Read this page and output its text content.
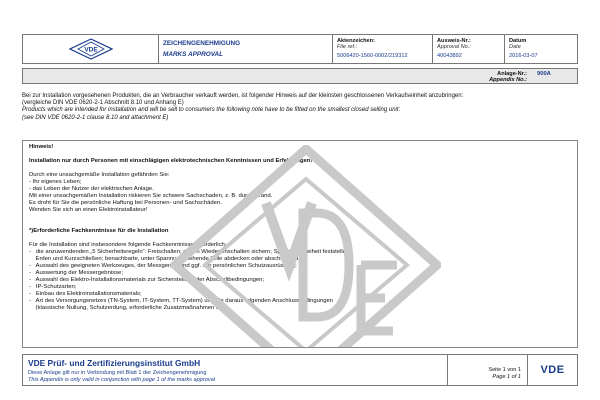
VDE
ZEICHENGENEHMIGUNG
MARKS APPROVAL
Aktenzeichen:
File ref.:
5006420-1560-0002/219312
Ausweis-Nr.:
Approval No.:
40043892
Datum
Date
2016-03-07
Anlage-Nr.:
Appendix No.:
900A
Bei zur Installation vorgesehenen Produkten, die an Verbraucher verkauft werden, ist folgender Hinweis auf der kleinsten geschlossenen Verkaufseinheit anzubringen:
(vergleiche DIN VDE 0620-2-1 Abschnitt 8.10 und Anhang E)
Products which are intended for installation and will be sell to consumers the following note have to be fitted on the smallest closed selling unit:
(see DIN VDE 0620-2-1 clause 8.10 and attachment E)
Hinweis!
Installation nur durch Personen mit einschlägigen elektrotechnischen Kenntnissen und Erfahrungen!*)
Durch eine unsachgemäße Installation gefährden Sie:
- Ihr eigenes Leben;
- das Leben der Nutzer der elektrischen Anlage.
Mit einer unsachgemäßen Installation riskieren Sie schwere Sachschaden, z. B. durch Brand.
Es droht für Sie die persönliche Haftung bei Personen- und Sachschäden.
Wenden Sie sich an einen Elektroinstallateur!
*)Erforderliche Fachkenntnisse für die Installation
Für die Installation sind insbesondere folgende Fachkenntnisse erforderlich:
-   die anzuwendenden „5 Sicherheitsregeln“: Freischalten; gegen Wiedereinschalten sichern; Spannungsfreiheit feststellen;
Erden und Kurzschließen; benachbarte, unter Spannung stehende Teile abdecken oder abschranken;
-   Auswahl des geeigneten Werkzeuges, der Messgeräte und ggf. der persönlichen Schutzausrüstung;
-   Auswertung der Messergebnisse;
-   Auswahl des Elektro-Installationsmaterials zur Sicherstellung der Abschaltbedingungen;
-   IP-Schutzarten;
-   Einbau des Elektroinstallationsmaterials;
-   Art des Versorgungsnetzes (TN-System, IT-System, TT-System) und die daraus folgenden Anschlussbedingungen
(klassische Nullung, Schutzerdung, erforderliche Zusatzmaßnahmen etc.).
VDE Prüf- und Zertifizierungsinstitut GmbH
Diese Anlage gilt nur in Verbindung mit Blatt 1 der Zeichengenehmigung
This Appendix is only valid in conjunction with page 1 of the marks approval
Seite 1 von 1
Page 1 of 1
VDE
